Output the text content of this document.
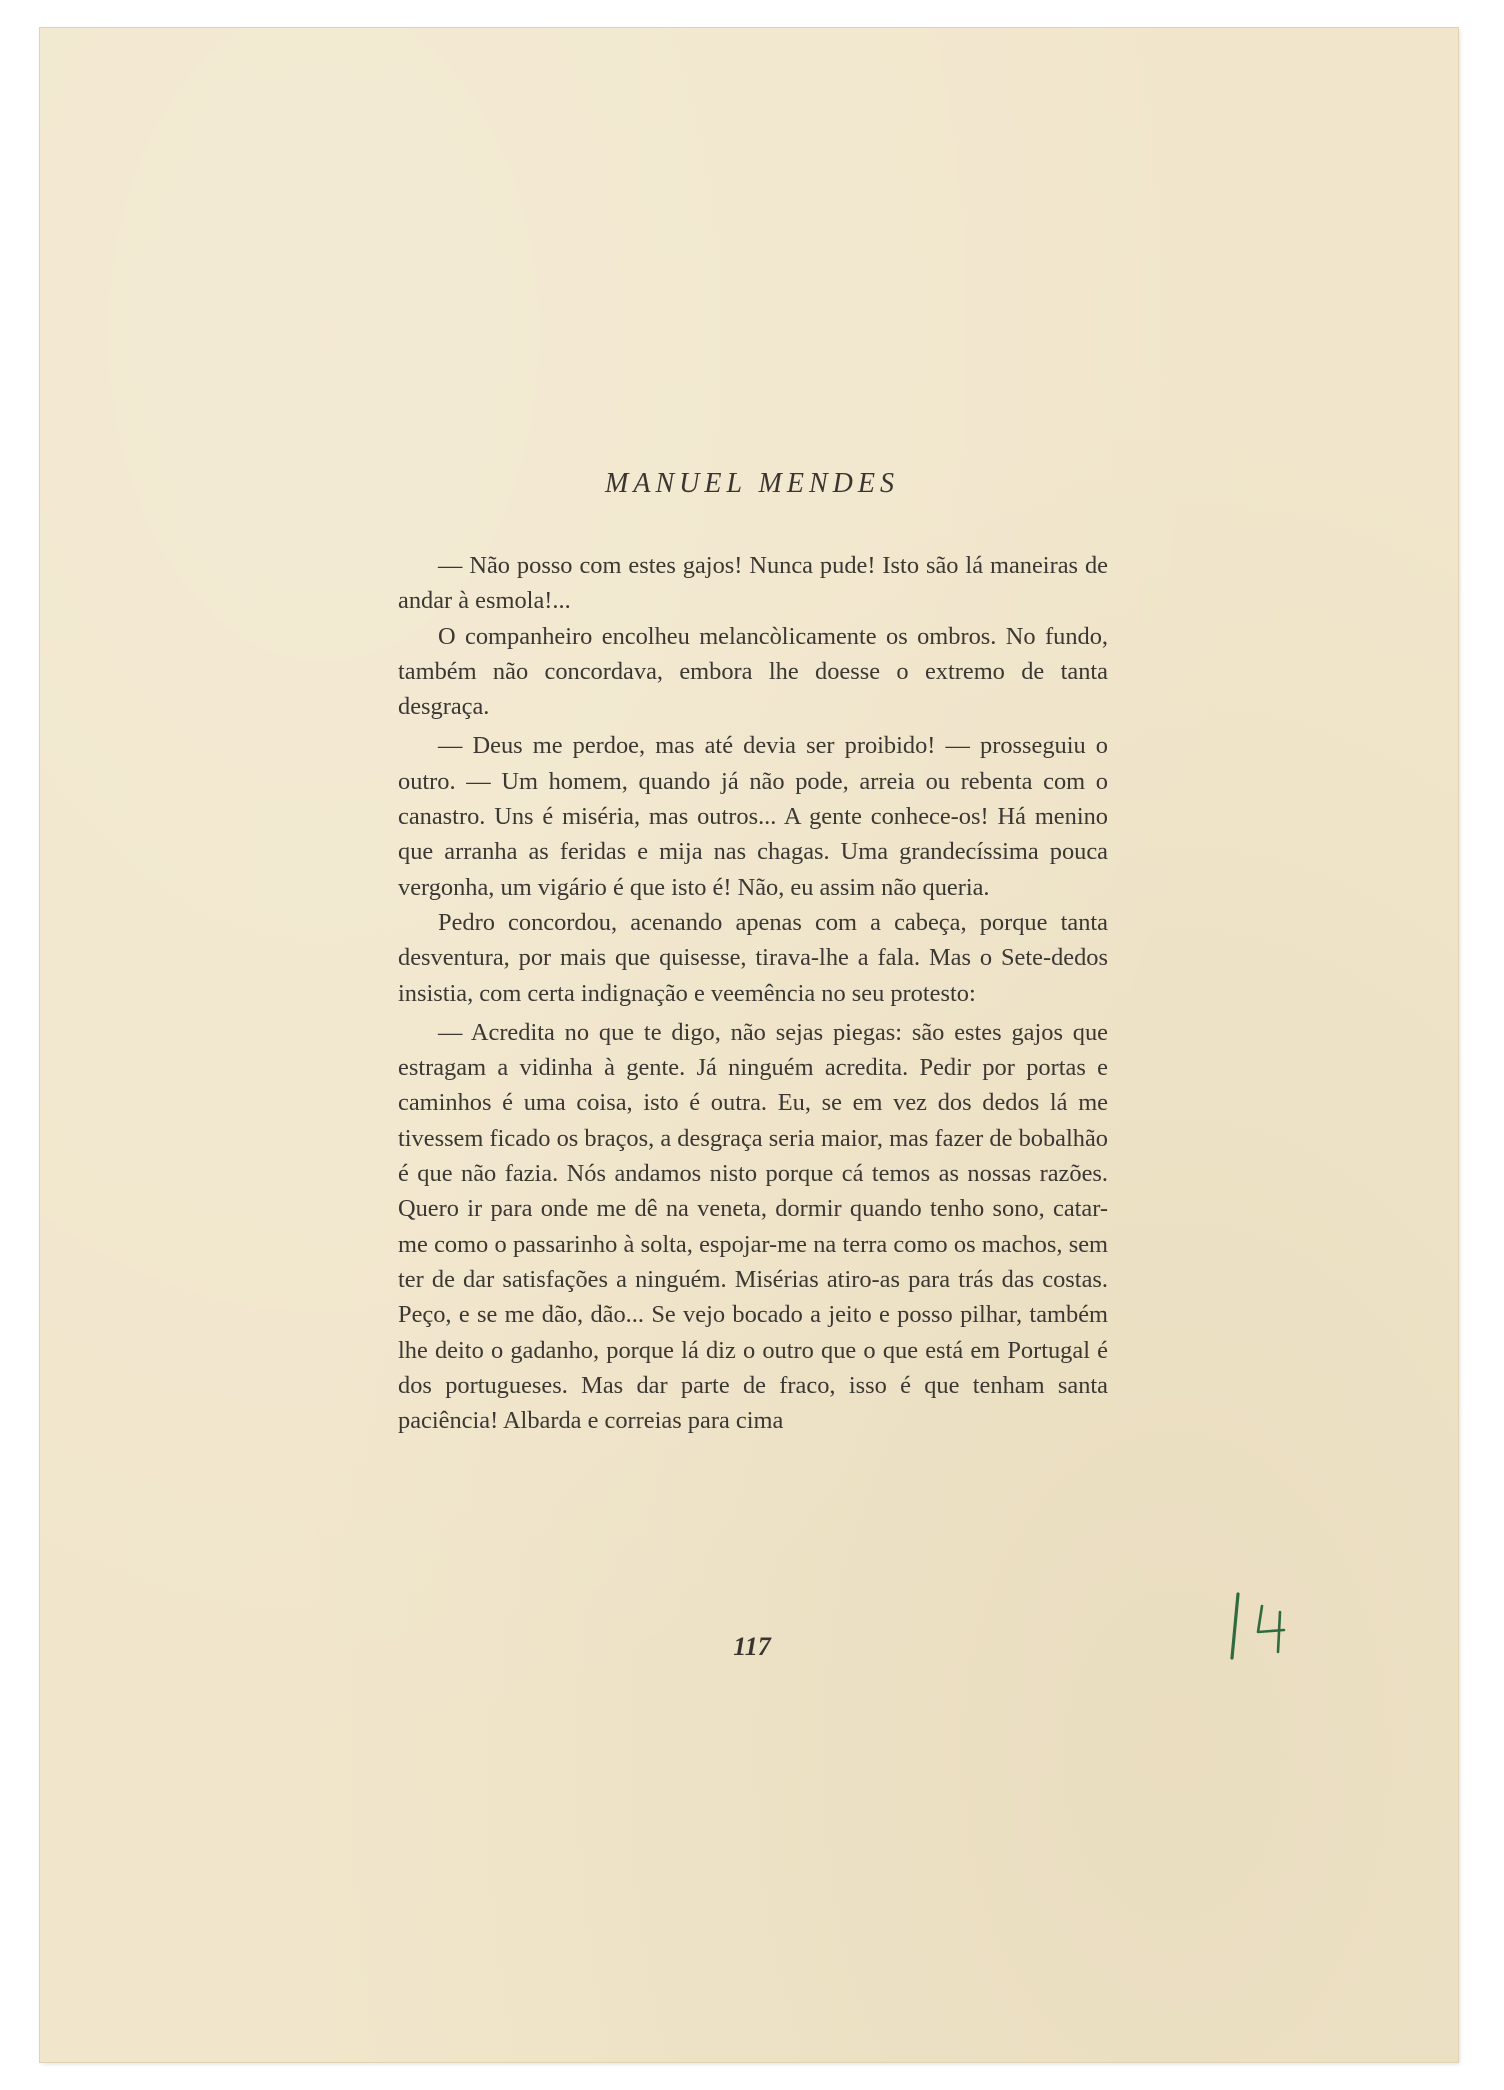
MANUEL MENDES

— Não posso com estes gajos! Nunca pude! Isto são lá maneiras de andar à esmola!...

O companheiro encolheu melancòlicamente os ombros. No fundo, também não concordava, embora lhe doesse o extremo de tanta desgraça.

— Deus me perdoe, mas até devia ser proibido! — prosseguiu o outro. — Um homem, quando já não pode, arreia ou rebenta com o canastro. Uns é miséria, mas outros... A gente conhece-os! Há menino que arranha as feridas e mija nas chagas. Uma grandecíssima pouca vergonha, um vigário é que isto é! Não, eu assim não queria.

Pedro concordou, acenando apenas com a cabeça, porque tanta desventura, por mais que quisesse, tirava-lhe a fala. Mas o Sete-dedos insistia, com certa indignação e veemência no seu protesto:

— Acredita no que te digo, não sejas piegas: são estes gajos que estragam a vidinha à gente. Já ninguém acredita. Pedir por portas e caminhos é uma coisa, isto é outra. Eu, se em vez dos dedos lá me tivessem ficado os braços, a desgraça seria maior, mas fazer de bobalhão é que não fazia. Nós andamos nisto porque cá temos as nossas razões. Quero ir para onde me dê na veneta, dormir quando tenho sono, catar-me como o passarinho à solta, espojar-me na terra como os machos, sem ter de dar satisfações a ninguém. Misérias atiro-as para trás das costas. Peço, e se me dão, dão... Se vejo bocado a jeito e posso pilhar, também lhe deito o gadanho, porque lá diz o outro que o que está em Portugal é dos portugueses. Mas dar parte de fraco, isso é que tenham santa paciência! Albarda e correias para cima

117
